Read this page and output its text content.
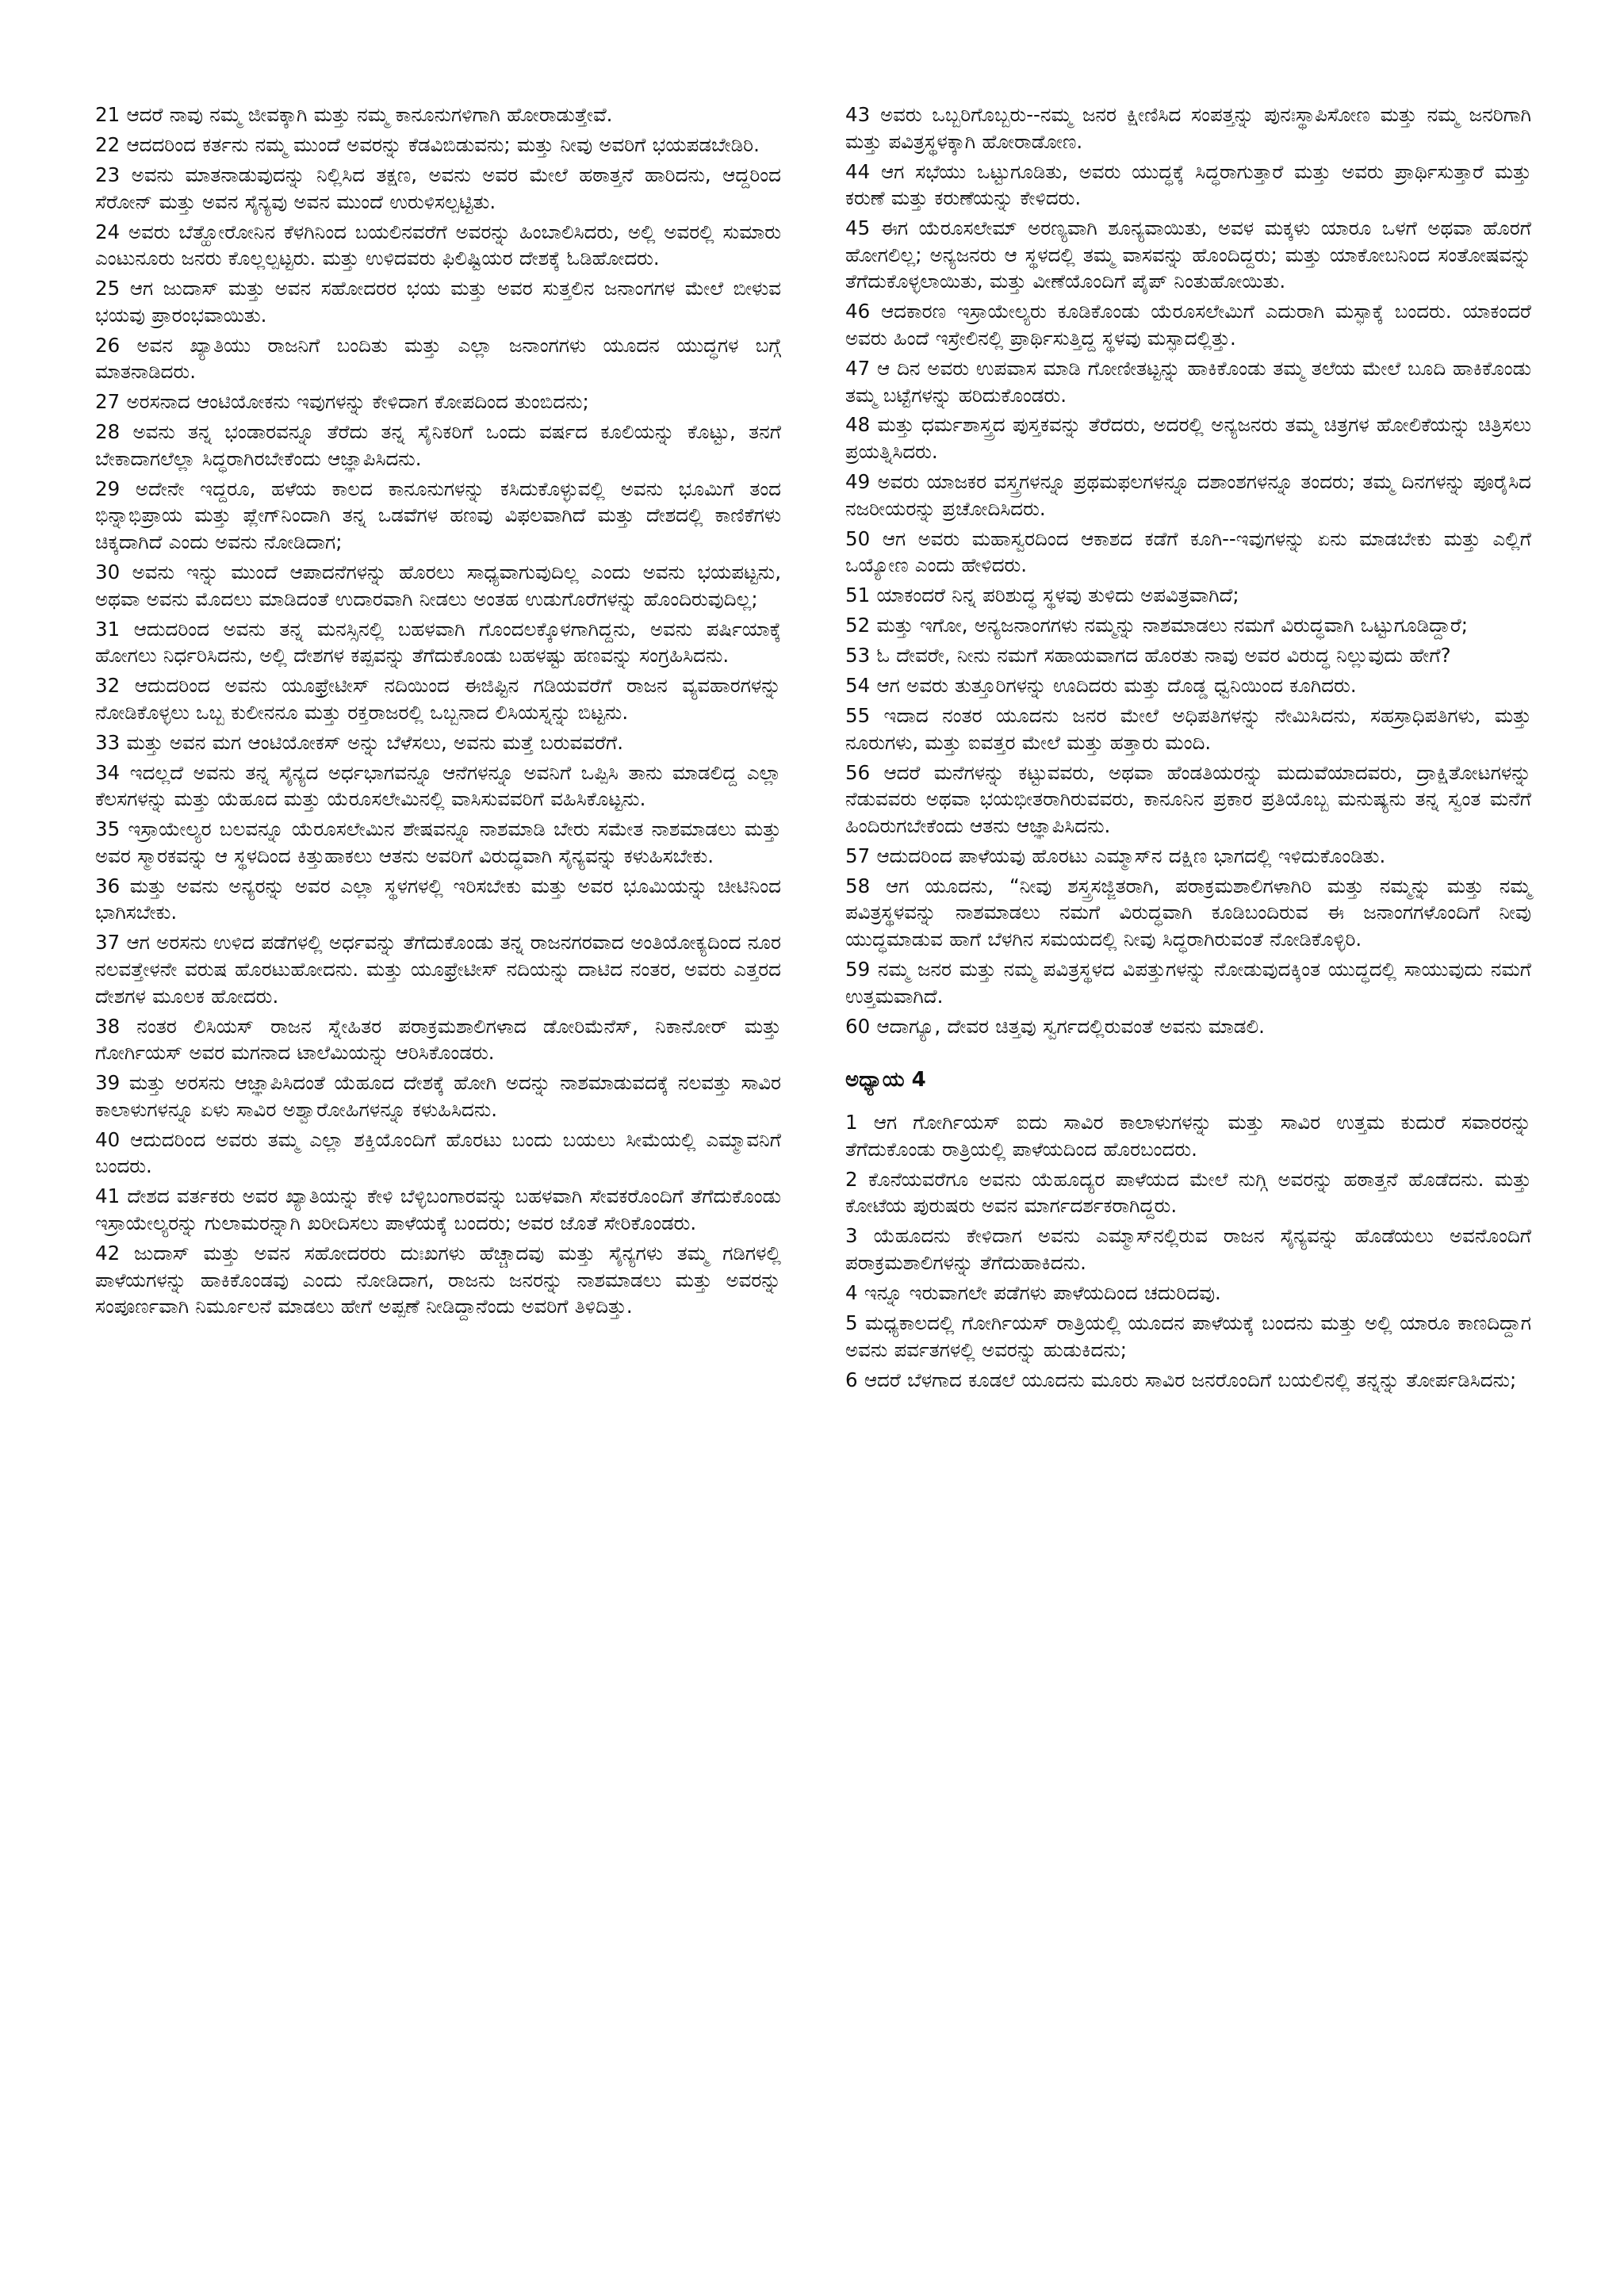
21 ಆದರೆ ನಾವು ನಮ್ಮ ಜೀವಕ್ಕಾಗಿ ಮತ್ತು ನಮ್ಮ ಕಾನೂನುಗಳಿಗಾಗಿ ಹೋರಾಡುತ್ತೇವೆ.

22 ಆದದರಿಂದ ಕರ್ತನು ನಮ್ಮ ಮುಂದೆ ಅವರನ್ನು ಕೆಡವಿಬಿಡುವನು; ಮತ್ತು ನೀವು ಅವರಿಗೆ ಭಯಪಡಬೇಡಿರಿ.

23 ಅವನು ಮಾತನಾಡುವುದನ್ನು ನಿಲ್ಲಿಸಿದ ತಕ್ಷಣ, ಅವನು ಅವರ ಮೇಲೆ ಹಠಾತ್ತನೆ ಹಾರಿದನು, ಆದ್ದರಿಂದ ಸೆರೋನ್ ಮತ್ತು ಅವನ ಸೈನ್ಯವು ಅವನ ಮುಂದೆ ಉರುಳಿಸಲ್ಪಟ್ಟಿತು.

24 ಅವರು ಬೆತ್ಹೋರೋನಿನ ಕೆಳಗಿನಿಂದ ಬಯಲಿನವರೆಗೆ ಅವರನ್ನು ಹಿಂಬಾಲಿಸಿದರು, ಅಲ್ಲಿ ಅವರಲ್ಲಿ ಸುಮಾರು ಎಂಟುನೂರು ಜನರು ಕೊಲ್ಲಲ್ಪಟ್ಟರು. ಮತ್ತು ಉಳಿದವರು ಫಿಲಿಷ್ಟಿಯರ ದೇಶಕ್ಕೆ ಓಡಿಹೋದರು.

25 ಆಗ ಜುದಾಸ್ ಮತ್ತು ಅವನ ಸಹೋದರರ ಭಯ ಮತ್ತು ಅವರ ಸುತ್ತಲಿನ ಜನಾಂಗಗಳ ಮೇಲೆ ಬೀಳುವ ಭಯವು ಪ್ರಾರಂಭವಾಯಿತು.

26 ಅವನ ಖ್ಯಾತಿಯು ರಾಜನಿಗೆ ಬಂದಿತು ಮತ್ತು ಎಲ್ಲಾ ಜನಾಂಗಗಳು ಯೂದನ ಯುದ್ಧಗಳ ಬಗ್ಗೆ ಮಾತನಾಡಿದರು.

27 ಅರಸನಾದ ಆಂಟಿಯೋಕನು ಇವುಗಳನ್ನು ಕೇಳಿದಾಗ ಕೋಪದಿಂದ ತುಂಬಿದನು;

28 ಅವನು ತನ್ನ ಭಂಡಾರವನ್ನೂ ತೆರೆದು ತನ್ನ ಸೈನಿಕರಿಗೆ ಒಂದು ವರ್ಷದ ಕೂಲಿಯನ್ನು ಕೊಟ್ಟು, ತನಗೆ ಬೇಕಾದಾಗಲೆಲ್ಲಾ ಸಿದ್ಧರಾಗಿರಬೇಕೆಂದು ಆಜ್ಞಾಪಿಸಿದನು.

29 ಅದೇನೇ ಇದ್ದರೂ, ಹಳೆಯ ಕಾಲದ ಕಾನೂನುಗಳನ್ನು ಕಸಿದುಕೊಳ್ಳುವಲ್ಲಿ ಅವನು ಭೂಮಿಗೆ ತಂದ ಭಿನ್ನಾಭಿಪ್ರಾಯ ಮತ್ತು ಪ್ಲೇಗ್‌ನಿಂದಾಗಿ ತನ್ನ ಒಡವೆಗಳ ಹಣವು ವಿಫಲವಾಗಿದೆ ಮತ್ತು ದೇಶದಲ್ಲಿ ಕಾಣಿಕೆಗಳು ಚಿಕ್ಕದಾಗಿದೆ ಎಂದು ಅವನು ನೋಡಿದಾಗ;

30 ಅವನು ಇನ್ನು ಮುಂದೆ ಆಪಾದನೆಗಳನ್ನು ಹೊರಲು ಸಾಧ್ಯವಾಗುವುದಿಲ್ಲ ಎಂದು ಅವನು ಭಯಪಟ್ಟನು, ಅಥವಾ ಅವನು ಮೊದಲು ಮಾಡಿದಂತೆ ಉದಾರವಾಗಿ ನೀಡಲು ಅಂತಹ ಉಡುಗೊರೆಗಳನ್ನು ಹೊಂದಿರುವುದಿಲ್ಲ;

31 ಆದುದರಿಂದ ಅವನು ತನ್ನ ಮನಸ್ಸಿನಲ್ಲಿ ಬಹಳವಾಗಿ ಗೊಂದಲಕ್ಕೊಳಗಾಗಿದ್ದನು, ಅವನು ಪರ್ಷಿಯಾಕ್ಕೆ ಹೋಗಲು ನಿರ್ಧರಿಸಿದನು, ಅಲ್ಲಿ ದೇಶಗಳ ಕಪ್ಪವನ್ನು ತೆಗೆದುಕೊಂಡು ಬಹಳಷ್ಟು ಹಣವನ್ನು ಸಂಗ್ರಹಿಸಿದನು.

32 ಆದುದರಿಂದ ಅವನು ಯೂಫ್ರೇಟೀಸ್ ನದಿಯಿಂದ ಈಜಿಪ್ಟಿನ ಗಡಿಯವರೆಗೆ ರಾಜನ ವ್ಯವಹಾರಗಳನ್ನು ನೋಡಿಕೊಳ್ಳಲು ಒಬ್ಬ ಕುಲೀನನೂ ಮತ್ತು ರಕ್ತರಾಜರಲ್ಲಿ ಒಬ್ಬನಾದ ಲಿಸಿಯಸ್ನನ್ನು ಬಿಟ್ಟನು.

33 ಮತ್ತು ಅವನ ಮಗ ಆಂಟಿಯೋಕಸ್ ಅನ್ನು ಬೆಳೆಸಲು, ಅವನು ಮತ್ತೆ ಬರುವವರೆಗೆ.

34 ಇದಲ್ಲದೆ ಅವನು ತನ್ನ ಸೈನ್ಯದ ಅರ್ಧಭಾಗವನ್ನೂ ಆನೆಗಳನ್ನೂ ಅವನಿಗೆ ಒಪ್ಪಿಸಿ ತಾನು ಮಾಡಲಿದ್ದ ಎಲ್ಲಾ ಕೆಲಸಗಳನ್ನು ಮತ್ತು ಯೆಹೂದ ಮತ್ತು ಯೆರೂಸಲೇಮಿನಲ್ಲಿ ವಾಸಿಸುವವರಿಗೆ ವಹಿಸಿಕೊಟ್ಟನು.

35 ಇಸ್ರಾಯೇಲ್ಯರ ಬಲವನ್ನೂ ಯೆರೂಸಲೇಮಿನ ಶೇಷವನ್ನೂ ನಾಶಮಾಡಿ ಬೇರು ಸಮೇತ ನಾಶಮಾಡಲು ಮತ್ತು ಅವರ ಸ್ಮಾರಕವನ್ನು ಆ ಸ್ಥಳದಿಂದ ಕಿತ್ತುಹಾಕಲು ಆತನು ಅವರಿಗೆ ವಿರುದ್ಧವಾಗಿ ಸೈನ್ಯವನ್ನು ಕಳುಹಿಸಬೇಕು.

36 ಮತ್ತು ಅವನು ಅನ್ಯರನ್ನು ಅವರ ಎಲ್ಲಾ ಸ್ಥಳಗಳಲ್ಲಿ ಇರಿಸಬೇಕು ಮತ್ತು ಅವರ ಭೂಮಿಯನ್ನು ಚೀಟಿನಿಂದ ಭಾಗಿಸಬೇಕು.

37 ಆಗ ಅರಸನು ಉಳಿದ ಪಡೆಗಳಲ್ಲಿ ಅರ್ಧವನ್ನು ತೆಗೆದುಕೊಂಡು ತನ್ನ ರಾಜನಗರವಾದ ಅಂತಿಯೋಕ್ಯದಿಂದ ನೂರ ನಲವತ್ತೇಳನೇ ವರುಷ ಹೊರಟುಹೋದನು. ಮತ್ತು ಯೂಫ್ರೇಟೀಸ್ ನದಿಯನ್ನು ದಾಟಿದ ನಂತರ, ಅವರು ಎತ್ತರದ ದೇಶಗಳ ಮೂಲಕ ಹೋದರು.

38 ನಂತರ ಲಿಸಿಯಸ್ ರಾಜನ ಸ್ನೇಹಿತರ ಪರಾಕ್ರಮಶಾಲಿಗಳಾದ ಡೋರಿಮೆನೆಸ್, ನಿಕಾನೋರ್ ಮತ್ತು ಗೋರ್ಗಿಯಸ್ ಅವರ ಮಗನಾದ ಟಾಲೆಮಿಯನ್ನು ಆರಿಸಿಕೊಂಡರು.

39 ಮತ್ತು ಅರಸನು ಆಜ್ಞಾಪಿಸಿದಂತೆ ಯೆಹೂದ ದೇಶಕ್ಕೆ ಹೋಗಿ ಅದನ್ನು ನಾಶಮಾಡುವದಕ್ಕೆ ನಲವತ್ತು ಸಾವಿರ ಕಾಲಾಳುಗಳನ್ನೂ ಏಳು ಸಾವಿರ ಅಶ್ವಾರೋಹಿಗಳನ್ನೂ ಕಳುಹಿಸಿದನು.

40 ಆದುದರಿಂದ ಅವರು ತಮ್ಮ ಎಲ್ಲಾ ಶಕ್ತಿಯೊಂದಿಗೆ ಹೊರಟು ಬಂದು ಬಯಲು ಸೀಮೆಯಲ್ಲಿ ಎಮ್ಮಾವನಿಗೆ ಬಂದರು.

41 ದೇಶದ ವರ್ತಕರು ಅವರ ಖ್ಯಾತಿಯನ್ನು ಕೇಳಿ ಬೆಳ್ಳಿಬಂಗಾರವನ್ನು ಬಹಳವಾಗಿ ಸೇವಕರೊಂದಿಗೆ ತೆಗೆದುಕೊಂಡು ಇಸ್ರಾಯೇಲ್ಯರನ್ನು ಗುಲಾಮರನ್ನಾಗಿ ಖರೀದಿಸಲು ಪಾಳೆಯಕ್ಕೆ ಬಂದರು; ಅವರ ಜೊತೆ ಸೇರಿಕೊಂಡರು.

42 ಜುದಾಸ್ ಮತ್ತು ಅವನ ಸಹೋದರರು ದುಃಖಗಳು ಹೆಚ್ಚಾದವು ಮತ್ತು ಸೈನ್ಯಗಳು ತಮ್ಮ ಗಡಿಗಳಲ್ಲಿ ಪಾಳೆಯಗಳನ್ನು ಹಾಕಿಕೊಂಡವು ಎಂದು ನೋಡಿದಾಗ, ರಾಜನು ಜನರನ್ನು ನಾಶಮಾಡಲು ಮತ್ತು ಅವರನ್ನು ಸಂಪೂರ್ಣವಾಗಿ ನಿರ್ಮೂಲನೆ ಮಾಡಲು ಹೇಗೆ ಅಪ್ಪಣೆ ನೀಡಿದ್ದಾನೆಂದು ಅವರಿಗೆ ತಿಳಿದಿತ್ತು.

43 ಅವರು ಒಬ್ಬರಿಗೊಬ್ಬರು--ನಮ್ಮ ಜನರ ಕ್ಷೀಣಿಸಿದ ಸಂಪತ್ತನ್ನು ಪುನಃಸ್ಥಾಪಿಸೋಣ ಮತ್ತು ನಮ್ಮ ಜನರಿಗಾಗಿ ಮತ್ತು ಪವಿತ್ರಸ್ಥಳಕ್ಕಾಗಿ ಹೋರಾಡೋಣ.

44 ಆಗ ಸಭೆಯು ಒಟ್ಟುಗೂಡಿತು, ಅವರು ಯುದ್ಧಕ್ಕೆ ಸಿದ್ಧರಾಗುತ್ತಾರೆ ಮತ್ತು ಅವರು ಪ್ರಾರ್ಥಿಸುತ್ತಾರೆ ಮತ್ತು ಕರುಣೆ ಮತ್ತು ಕರುಣೆಯನ್ನು ಕೇಳಿದರು.

45 ಈಗ ಯೆರೂಸಲೇಮ್ ಅರಣ್ಯವಾಗಿ ಶೂನ್ಯವಾಯಿತು, ಅವಳ ಮಕ್ಕಳು ಯಾರೂ ಒಳಗೆ ಅಥವಾ ಹೊರಗೆ ಹೋಗಲಿಲ್ಲ; ಅನ್ಯಜನರು ಆ ಸ್ಥಳದಲ್ಲಿ ತಮ್ಮ ವಾಸವನ್ನು ಹೊಂದಿದ್ದರು; ಮತ್ತು ಯಾಕೋಬನಿಂದ ಸಂತೋಷವನ್ನು ತೆಗೆದುಕೊಳ್ಳಲಾಯಿತು, ಮತ್ತು ವೀಣೆಯೊಂದಿಗೆ ಪೈಪ್ ನಿಂತುಹೋಯಿತು.

46 ಆದಕಾರಣ ಇಸ್ರಾಯೇಲ್ಯರು ಕೂಡಿಕೊಂಡು ಯೆರೂಸಲೇಮಿಗೆ ಎದುರಾಗಿ ಮಸ್ಫಾಕ್ಕೆ ಬಂದರು. ಯಾಕಂದರೆ ಅವರು ಹಿಂದೆ ಇಸ್ರೇಲಿನಲ್ಲಿ ಪ್ರಾರ್ಥಿಸುತ್ತಿದ್ದ ಸ್ಥಳವು ಮಸ್ಫಾದಲ್ಲಿತ್ತು.

47 ಆ ದಿನ ಅವರು ಉಪವಾಸ ಮಾಡಿ ಗೋಣೀತಟ್ಟನ್ನು ಹಾಕಿಕೊಂಡು ತಮ್ಮ ತಲೆಯ ಮೇಲೆ ಬೂದಿ ಹಾಕಿಕೊಂಡು ತಮ್ಮ ಬಟ್ಟೆಗಳನ್ನು ಹರಿದುಕೊಂಡರು.

48 ಮತ್ತು ಧರ್ಮಶಾಸ್ತ್ರದ ಪುಸ್ತಕವನ್ನು ತೆರೆದರು, ಅದರಲ್ಲಿ ಅನ್ಯಜನರು ತಮ್ಮ ಚಿತ್ರಗಳ ಹೋಲಿಕೆಯನ್ನು ಚಿತ್ರಿಸಲು ಪ್ರಯತ್ನಿಸಿದರು.

49 ಅವರು ಯಾಜಕರ ವಸ್ತ್ರಗಳನ್ನೂ ಪ್ರಥಮಫಲಗಳನ್ನೂ ದಶಾಂಶಗಳನ್ನೂ ತಂದರು; ತಮ್ಮ ದಿನಗಳನ್ನು ಪೂರೈಸಿದ ನಜರೀಯರನ್ನು ಪ್ರಚೋದಿಸಿದರು.

50 ಆಗ ಅವರು ಮಹಾಸ್ವರದಿಂದ ಆಕಾಶದ ಕಡೆಗೆ ಕೂಗಿ--ಇವುಗಳನ್ನು ಏನು ಮಾಡಬೇಕು ಮತ್ತು ಎಲ್ಲಿಗೆ ಒಯ್ಯೋಣ ಎಂದು ಹೇಳಿದರು.

51 ಯಾಕಂದರೆ ನಿನ್ನ ಪರಿಶುದ್ಧ ಸ್ಥಳವು ತುಳಿದು ಅಪವಿತ್ರವಾಗಿದೆ;

52 ಮತ್ತು ಇಗೋ, ಅನ್ಯಜನಾಂಗಗಳು ನಮ್ಮನ್ನು ನಾಶಮಾಡಲು ನಮಗೆ ವಿರುದ್ಧವಾಗಿ ಒಟ್ಟುಗೂಡಿದ್ದಾರೆ;

53 ಓ ದೇವರೇ, ನೀನು ನಮಗೆ ಸಹಾಯವಾಗದ ಹೊರತು ನಾವು ಅವರ ವಿರುದ್ಧ ನಿಲ್ಲುವುದು ಹೇಗೆ?

54 ಆಗ ಅವರು ತುತ್ತೂರಿಗಳನ್ನು ಊದಿದರು ಮತ್ತು ದೊಡ್ಡ ಧ್ವನಿಯಿಂದ ಕೂಗಿದರು.

55 ಇದಾದ ನಂತರ ಯೂದನು ಜನರ ಮೇಲೆ ಅಧಿಪತಿಗಳನ್ನು ನೇಮಿಸಿದನು, ಸಹಸ್ರಾಧಿಪತಿಗಳು, ಮತ್ತು ನೂರುಗಳು, ಮತ್ತು ಐವತ್ತರ ಮೇಲೆ ಮತ್ತು ಹತ್ತಾರು ಮಂದಿ.

56 ಆದರೆ ಮನೆಗಳನ್ನು ಕಟ್ಟುವವರು, ಅಥವಾ ಹೆಂಡತಿಯರನ್ನು ಮದುವೆಯಾದವರು, ದ್ರಾಕ್ಷಿತೋಟಗಳನ್ನು ನೆಡುವವರು ಅಥವಾ ಭಯಭೀತರಾಗಿರುವವರು, ಕಾನೂನಿನ ಪ್ರಕಾರ ಪ್ರತಿಯೊಬ್ಬ ಮನುಷ್ಯನು ತನ್ನ ಸ್ವಂತ ಮನೆಗೆ ಹಿಂದಿರುಗಬೇಕೆಂದು ಆತನು ಆಜ್ಞಾಪಿಸಿದನು.

57 ಆದುದರಿಂದ ಪಾಳೆಯವು ಹೊರಟು ಎಮ್ಮಾಸ್‌ನ ದಕ್ಷಿಣ ಭಾಗದಲ್ಲಿ ಇಳಿದುಕೊಂಡಿತು.

58 ಆಗ ಯೂದನು, “ನೀವು ಶಸ್ತ್ರಸಜ್ಜಿತರಾಗಿ, ಪರಾಕ್ರಮಶಾಲಿಗಳಾಗಿರಿ ಮತ್ತು ನಮ್ಮನ್ನು ಮತ್ತು ನಮ್ಮ ಪವಿತ್ರಸ್ಥಳವನ್ನು ನಾಶಮಾಡಲು ನಮಗೆ ವಿರುದ್ಧವಾಗಿ ಕೂಡಿಬಂದಿರುವ ಈ ಜನಾಂಗಗಳೊಂದಿಗೆ ನೀವು ಯುದ್ಧಮಾಡುವ ಹಾಗೆ ಬೆಳಗಿನ ಸಮಯದಲ್ಲಿ ನೀವು ಸಿದ್ಧರಾಗಿರುವಂತೆ ನೋಡಿಕೊಳ್ಳಿರಿ.

59 ನಮ್ಮ ಜನರ ಮತ್ತು ನಮ್ಮ ಪವಿತ್ರಸ್ಥಳದ ವಿಪತ್ತುಗಳನ್ನು ನೋಡುವುದಕ್ಕಿಂತ ಯುದ್ಧದಲ್ಲಿ ಸಾಯುವುದು ನಮಗೆ ಉತ್ತಮವಾಗಿದೆ.

60 ಆದಾಗ್ಯೂ, ದೇವರ ಚಿತ್ತವು ಸ್ವರ್ಗದಲ್ಲಿರುವಂತೆ ಅವನು ಮಾಡಲಿ.

ಅಧ್ಯಾಯ 4

1 ಆಗ ಗೋರ್ಗಿಯಸ್ ಐದು ಸಾವಿರ ಕಾಲಾಳುಗಳನ್ನು ಮತ್ತು ಸಾವಿರ ಉತ್ತಮ ಕುದುರೆ ಸವಾರರನ್ನು ತೆಗೆದುಕೊಂಡು ರಾತ್ರಿಯಲ್ಲಿ ಪಾಳೆಯದಿಂದ ಹೊರಬಂದರು.

2 ಕೊನೆಯವರೆಗೂ ಅವನು ಯೆಹೂದ್ಯರ ಪಾಳೆಯದ ಮೇಲೆ ನುಗ್ಗಿ ಅವರನ್ನು ಹಠಾತ್ತನೆ ಹೊಡೆದನು. ಮತ್ತು ಕೋಟೆಯ ಪುರುಷರು ಅವನ ಮಾರ್ಗದರ್ಶಕರಾಗಿದ್ದರು.

3 ಯೆಹೂದನು ಕೇಳಿದಾಗ ಅವನು ಎಮ್ಮಾಸ್‌ನಲ್ಲಿರುವ ರಾಜನ ಸೈನ್ಯವನ್ನು ಹೊಡೆಯಲು ಅವನೊಂದಿಗೆ ಪರಾಕ್ರಮಶಾಲಿಗಳನ್ನು ತೆಗೆದುಹಾಕಿದನು.

4 ಇನ್ನೂ ಇರುವಾಗಲೇ ಪಡೆಗಳು ಪಾಳೆಯದಿಂದ ಚದುರಿದವು.

5 ಮಧ್ಯಕಾಲದಲ್ಲಿ ಗೋರ್ಗಿಯಸ್ ರಾತ್ರಿಯಲ್ಲಿ ಯೂದನ ಪಾಳೆಯಕ್ಕೆ ಬಂದನು ಮತ್ತು ಅಲ್ಲಿ ಯಾರೂ ಕಾಣದಿದ್ದಾಗ ಅವನು ಪರ್ವತಗಳಲ್ಲಿ ಅವರನ್ನು ಹುಡುಕಿದನು;

6 ಆದರೆ ಬೆಳಗಾದ ಕೂಡಲೆ ಯೂದನು ಮೂರು ಸಾವಿರ ಜನರೊಂದಿಗೆ ಬಯಲಿನಲ್ಲಿ ತನ್ನನ್ನು ತೋರ್ಪಡಿಸಿದನು;
